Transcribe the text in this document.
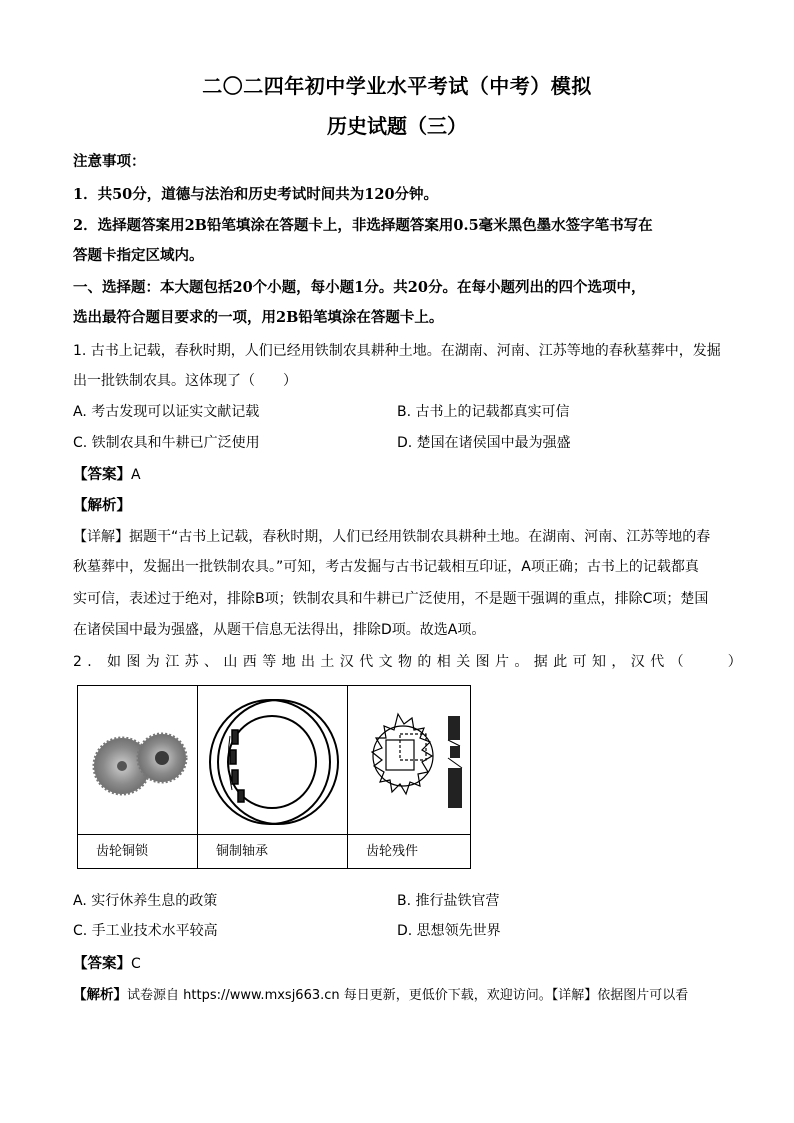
二〇二四年初中学业水平考试（中考）模拟
历史试题（三）
注意事项：
1．共50分，道德与法治和历史考试时间共为120分钟。
2．选择题答案用2B铅笔填涂在答题卡上，非选择题答案用0.5毫米黑色墨水签字笔书写在
答题卡指定区域内。
一、选择题：本大题包括20个小题，每小题1分。共20分。在每小题列出的四个选项中，
选出最符合题目要求的一项，用2B铅笔填涂在答题卡上。
1. 古书上记载，春秋时期，人们已经用铁制农具耕种土地。在湖南、河南、江苏等地的春秋墓葬中，发掘
出一批铁制农具。这体现了（　　）
A. 考古发现可以证实文献记载	B. 古书上的记载都真实可信
C. 铁制农具和牛耕已广泛使用	D. 楚国在诸侯国中最为强盛
【答案】A
【解析】
【详解】据题干“古书上记载，春秋时期，人们已经用铁制农具耕种土地。在湖南、河南、江苏等地的春
秋墓葬中，发掘出一批铁制农具。”可知，考古发掘与古书记载相互印证，A项正确；古书上的记载都真
实可信，表述过于绝对，排除B项；铁制农具和牛耕已广泛使用，不是题干强调的重点，排除C项；楚国
在诸侯国中最为强盛，从题干信息无法得出，排除D项。故选A项。
2. 如图为江苏、山西等地出土汉代文物的相关图片。据此可知，汉代（　　）
齿轮铜锁	铜制轴承	齿轮残件
A. 实行休养生息的政策	B. 推行盐铁官营
C. 手工业技术水平较高	D. 思想领先世界
【答案】C
【解析】试卷源自 https://www.mxsj663.cn 每日更新，更低价下载，欢迎访问。【详解】依据图片可以看
